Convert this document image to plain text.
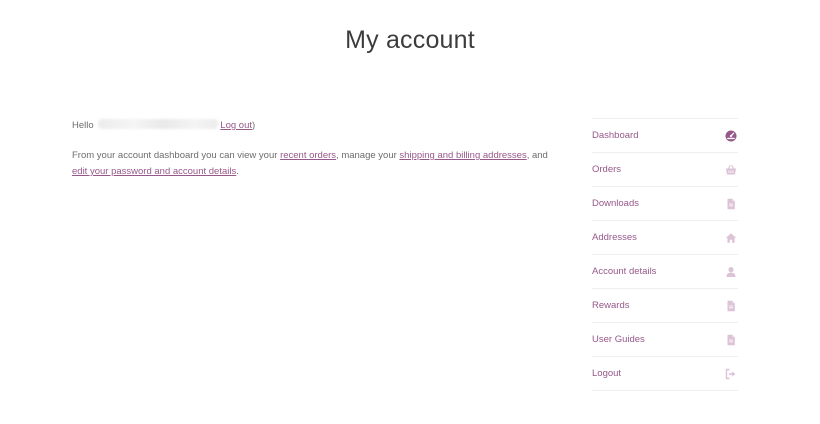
My account

Hello	Log out)

From your account dashboard you can view your recent orders, manage your shipping and billing addresses, and edit your password and account details.

Dashboard
Orders
Downloads
Addresses
Account details
Rewards
User Guides
Logout
